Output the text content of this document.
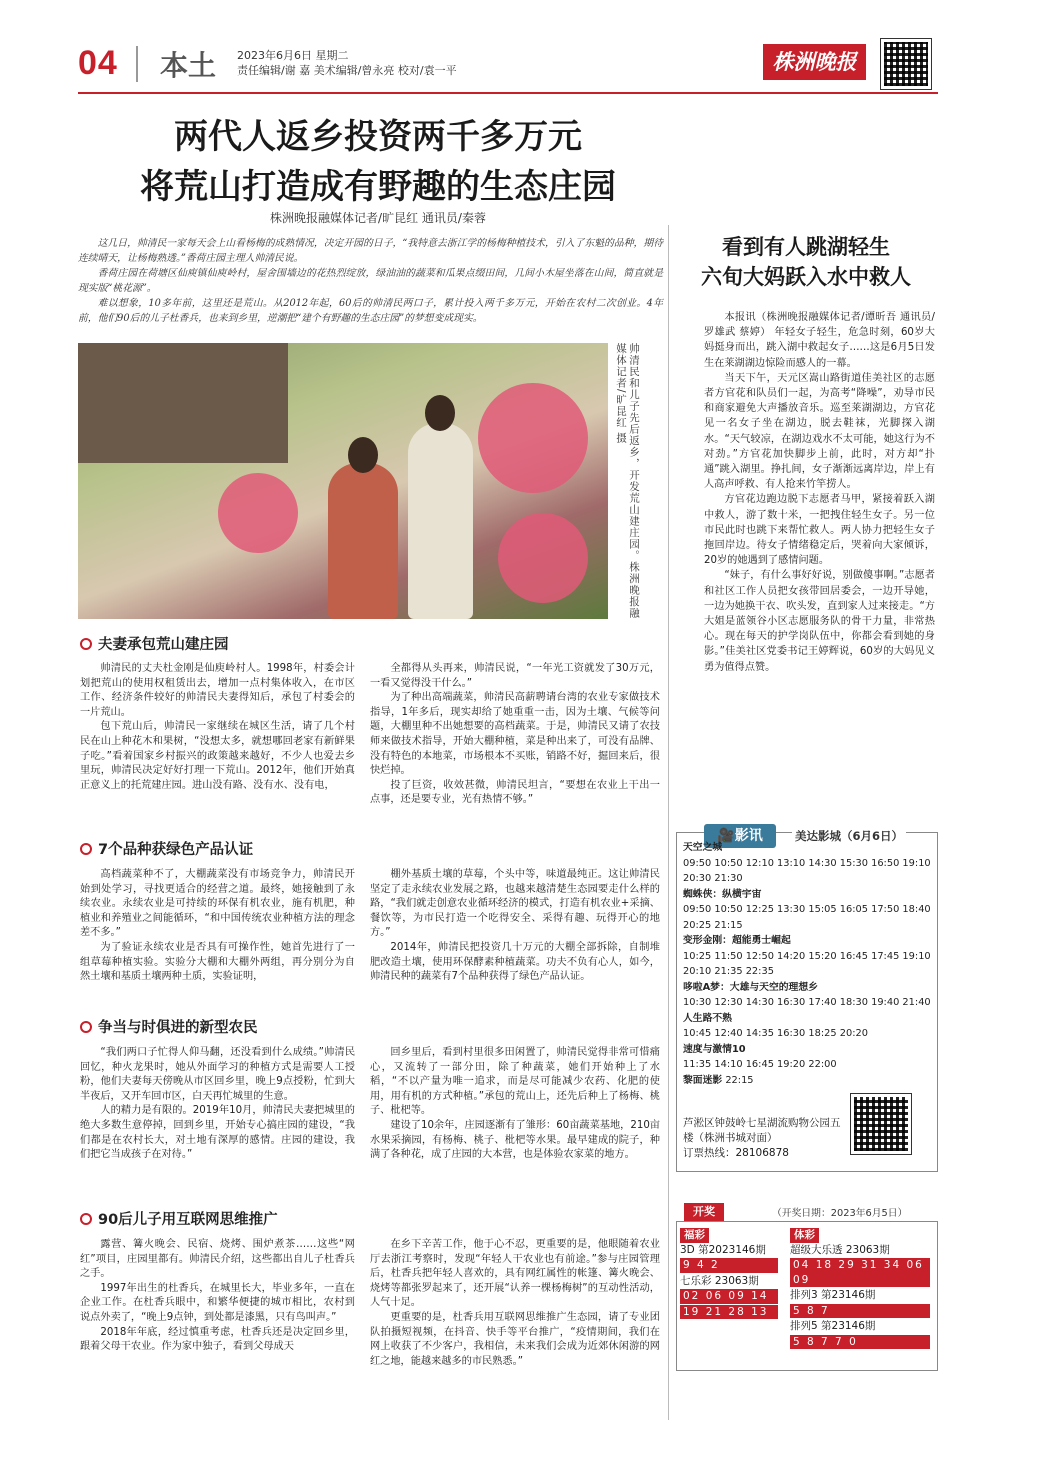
04 本土 2023年6月6日 星期二
责任编辑/谢 嘉 美术编辑/曾永亮 校对/袁一平	株洲晚报
两代人返乡投资两千多万元
将荒山打造成有野趣的生态庄园
株洲晚报融媒体记者/旷昆红 通讯员/秦蓉

这几日，帅清民一家每天会上山看杨梅的成熟情况，决定开园的日子，“我特意去浙江学的杨梅种植技术，引入了东魁的品种，期待连续晴天，让杨梅熟透。”香荷庄园主理人帅清民说。

香荷庄园在荷塘区仙庾镇仙庾岭村，屋舍围墙边的花热烈绽放，绿油油的蔬菜和瓜果点缀田间，几间小木屋坐落在山间，简直就是现实版“桃花源”。

难以想象，10多年前，这里还是荒山。从2012年起，60后的帅清民两口子，累计投入两千多万元，开始在农村二次创业。4年前，他们90后的儿子杜香兵，也来到乡里，逆潮把“建个有野趣的生态庄园”的梦想变成现实。

帅清民和儿子先后返乡，开发荒山建庄园。株洲晚报融媒体记者/旷昆红 摄
夫妻承包荒山建庄园

帅清民的丈夫杜金刚是仙庾岭村人。1998年，村委会计划把荒山的使用权租赁出去，增加一点村集体收入，在市区工作、经济条件较好的帅清民夫妻得知后，承包了村委会的一片荒山。

包下荒山后，帅清民一家继续在城区生活，请了几个村民在山上种花木和果树，“没想太多，就想哪回老家有新鲜果子吃。”看着国家乡村振兴的政策越来越好，不少人也爱去乡里玩，帅清民决定好好打理一下荒山。2012年，他们开始真正意义上的托荒建庄园。进山没有路、没有水、没有电，

全都得从头再来，帅清民说，“一年光工资就发了30万元，一看又觉得没干什么。”

为了种出高端蔬菜，帅清民高薪聘请台湾的农业专家做技术指导，1年多后，现实却给了她重重一击，因为土壤、气候等问题，大棚里种不出她想要的高档蔬菜。于是，帅清民又请了农技师来做技术指导，开始大棚种植，菜是种出来了，可没有品牌、没有特色的本地菜，市场根本不买账，销路不好，掘回来后，很快烂掉。

投了巨资，收效甚微，帅清民坦言，“要想在农业上干出一点事，还是要专业，光有热情不够。”

7个品种获绿色产品认证

高档蔬菜种不了，大棚蔬菜没有市场竞争力，帅清民开始到处学习，寻找更适合的经营之道。最终，她接触到了永续农业。永续农业是可持续的环保有机农业，施有机肥，种植业和养殖业之间能循环，“和中国传统农业种植方法的理念差不多。”

为了验证永续农业是否具有可操作性，她首先进行了一组草莓种植实验。实验分大棚和大棚外两组，再分别分为自然土壤和基质土壤两种土质，实验证明，

棚外基质土壤的草莓，个头中等，味道最纯正。这让帅清民坚定了走永续农业发展之路，也越来越清楚生态园要走什么样的路，“我们就走创意农业循环经济的模式，打造有机农业+采摘、餐饮等，为市民打造一个吃得安全、采得有趣、玩得开心的地方。”

2014年，帅清民把投资几十万元的大棚全部拆除，自制堆肥改造土壤，使用环保酵素种植蔬菜。功夫不负有心人，如今，帅清民种的蔬菜有7个品种获得了绿色产品认证。

争当与时俱进的新型农民

“我们两口子忙得人仰马翻，还没看到什么成绩。”帅清民回忆，种火龙果时，她从外面学习的种植方式是需要人工授粉，他们夫妻每天傍晚从市区回乡里，晚上9点授粉，忙到大半夜后，又开车回市区，白天再忙城里的生意。

人的精力是有限的。2019年10月，帅清民夫妻把城里的绝大多数生意停掉，回到乡里，开始专心搞庄园的建设，“我们都是在农村长大，对土地有深厚的感情。庄园的建设，我们把它当成孩子在对待。”

回乡里后，看到村里很多田闲置了，帅清民觉得非常可惜痛心，又流转了一部分田，除了种蔬菜，她们开始种上了水稻，“不以产量为唯一追求，而是尽可能减少农药、化肥的使用，用有机的方式种植。”承包的荒山上，还先后种上了杨梅、桃子、枇杷等。

建设了10余年，庄园逐渐有了雏形：60亩蔬菜基地，210亩水果采摘园，有杨梅、桃子、枇杷等水果。最早建成的院子，种满了各种花，成了庄园的大本营，也是体验农家菜的地方。

90后儿子用互联网思维推广

露营、篝火晚会、民宿、烧烤、围炉煮茶……这些“网红”项目，庄园里都有。帅清民介绍，这些都出自儿子杜香兵之手。

1997年出生的杜香兵，在城里长大，毕业多年，一直在企业工作。在杜香兵眼中，和繁华便捷的城市相比，农村到说点外卖了，“晚上9点钟，到处都是漆黑，只有鸟叫声。”

2018年年底，经过慎重考虑，杜香兵还是决定回乡里，跟着父母干农业。作为家中独子，看到父母成天

在乡下辛苦工作，他于心不忍，更重要的是，他眼随着农业厅去浙江考察时，发现“年轻人干农业也有前途。”参与庄园管理后，杜香兵把年轻人喜欢的，具有网红属性的帐篷、篝火晚会、烧烤等都张罗起来了，还开展“认养一棵杨梅树”的互动性活动，人气十足。

更重要的是，杜香兵用互联网思维推广生态园，请了专业团队拍摄短视频，在抖音、快手等平台推广，“疫情期间，我们在网上收获了不少客户，我相信，未来我们会成为近郊休闲游的网红之地，能越来越多的市民熟悉。”

看到有人跳湖轻生
六旬大妈跃入水中救人

本报讯（株洲晚报融媒体记者/谭昕吾 通讯员/罗雄武 蔡婷） 年轻女子轻生，危急时刻，60岁大妈挺身而出，跳入湖中救起女子……这是6月5日发生在莱湖湖边惊险而感人的一幕。

当天下午，天元区嵩山路街道佳美社区的志愿者方官花和队员们一起，为高考“降噪”，劝导市民和商家避免大声播放音乐。巡至莱湖湖边，方官花见一名女子坐在湖边，脱去鞋袜，光脚探入湖水。“天气较凉，在湖边戏水不太可能，她这行为不对劲。”方官花加快脚步上前，此时，对方却“扑通”跳入湖里。挣扎间，女子渐渐远离岸边，岸上有人高声呼救、有人抢来竹竿捞人。

方官花边跑边脱下志愿者马甲，紧接着跃入湖中救人，游了数十米，一把拽住轻生女子。另一位市民此时也跳下来帮忙救人。两人协力把轻生女子拖回岸边。待女子情绪稳定后，哭着向大家倾诉，20岁的她遇到了感情问题。

“妹子，有什么事好好说，别做傻事啊。”志愿者和社区工作人员把女孩带回居委会，一边开导她，一边为她换干衣、吹头发，直到家人过来接走。“方大姐是蓝领谷小区志愿服务队的骨干力量，非常热心。现在每天的护学岗队伍中，你都会看到她的身影。”佳美社区党委书记王婷辉说，60岁的大妈见义勇为值得点赞。

🎥影讯	美达影城（6月6日）
天空之城
09:50 10:50 12:10 13:10 14:30 15:30 16:50 19:10 20:30 21:30
蜘蛛侠：纵横宇宙
09:50 10:50 12:25 13:30 15:05 16:05 17:50 18:40 20:25 21:15
变形金刚：超能勇士崛起
10:25 11:50 12:50 14:20 15:20 16:45 17:45 19:10 20:10 21:35 22:35
哆啦A梦：大雄与天空的理想乡
10:30 12:30 14:30 16:30 17:40 18:30 19:40 21:40
人生路不熟
10:45 12:40 14:35 16:30 18:25 20:20
速度与激情10
11:35 14:10 16:45 19:20 22:00
黎面迷影 22:15
芦淞区钟鼓岭七星湖流购物公园五楼（株洲书城对面）
订票热线：28106878
开奖	（开奖日期：2023年6月5日）
福彩
3D 第2023146期
9 4 2
七乐彩 23063期
02 06 09 14
19 21 28 13
体彩
超级大乐透 23063期
04 18 29 31 34 06 09
排列3 第23146期
5 8 7
排列5 第23146期
5 8 7 7 0
